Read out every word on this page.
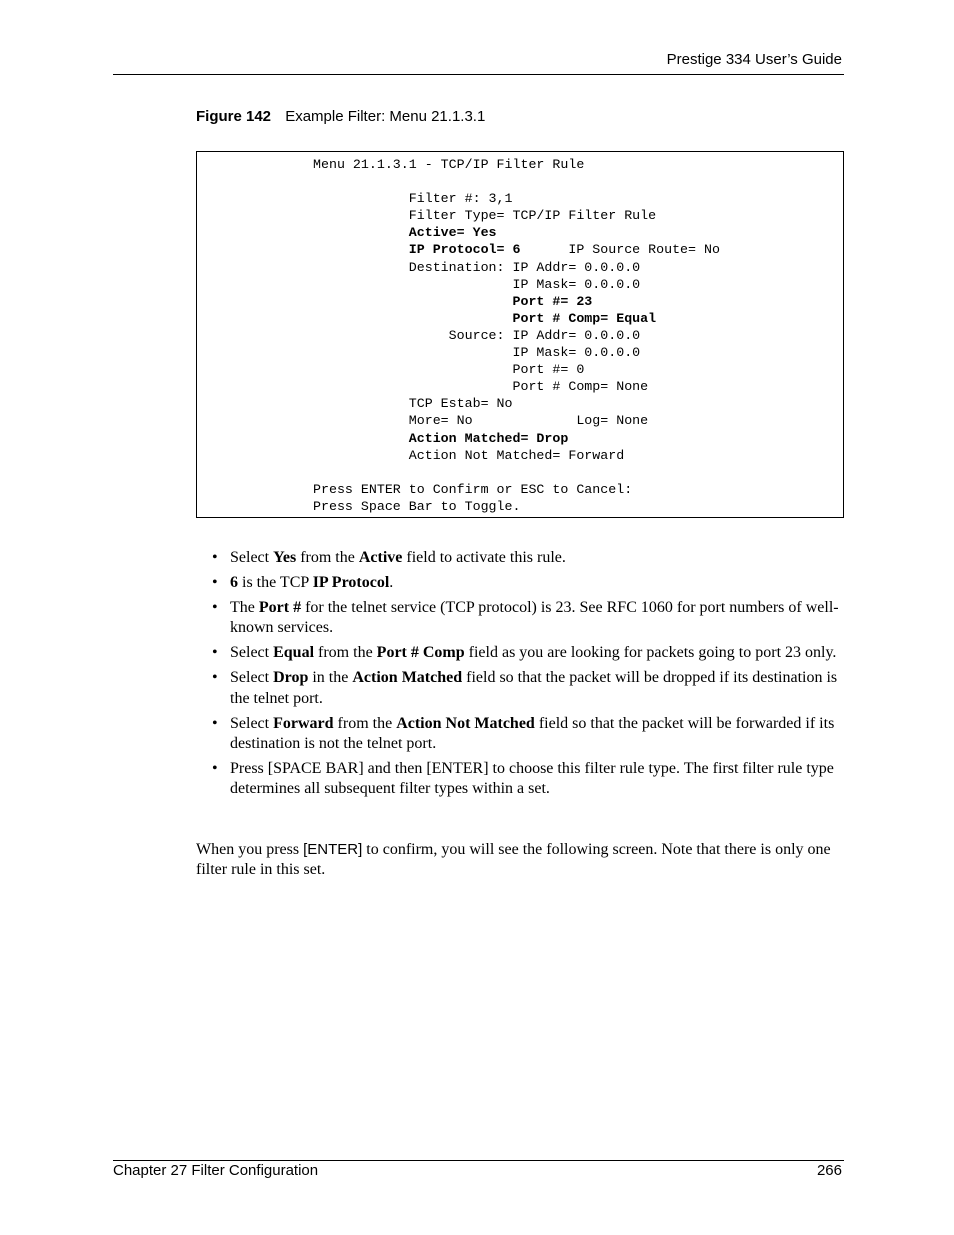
Prestige 334 User’s Guide
Figure 142 Example Filter: Menu 21.1.3.1
Menu 21.1.3.1 - TCP/IP Filter Rule
Filter #: 3,1
Filter Type= TCP/IP Filter Rule
Active= Yes
IP Protocol= 6      IP Source Route= No
Destination: IP Addr= 0.0.0.0
IP Mask= 0.0.0.0
Port #= 23
Port # Comp= Equal
Source: IP Addr= 0.0.0.0
IP Mask= 0.0.0.0
Port #= 0
Port # Comp= None
TCP Estab= No
More= No             Log= None
Action Matched= Drop
Action Not Matched= Forward
Press ENTER to Confirm or ESC to Cancel:
Press Space Bar to Toggle.
• Select Yes from the Active field to activate this rule.
• 6 is the TCP IP Protocol.
• The Port # for the telnet service (TCP protocol) is 23. See RFC 1060 for port numbers of well-known services.
• Select Equal from the Port # Comp field as you are looking for packets going to port 23 only.
• Select Drop in the Action Matched field so that the packet will be dropped if its destination is the telnet port.
• Select Forward from the Action Not Matched field so that the packet will be forwarded if its destination is not the telnet port.
• Press [SPACE BAR] and then [ENTER] to choose this filter rule type. The first filter rule type determines all subsequent filter types within a set.

When you press [ENTER] to confirm, you will see the following screen. Note that there is only one filter rule in this set.

Chapter 27 Filter Configuration	266
